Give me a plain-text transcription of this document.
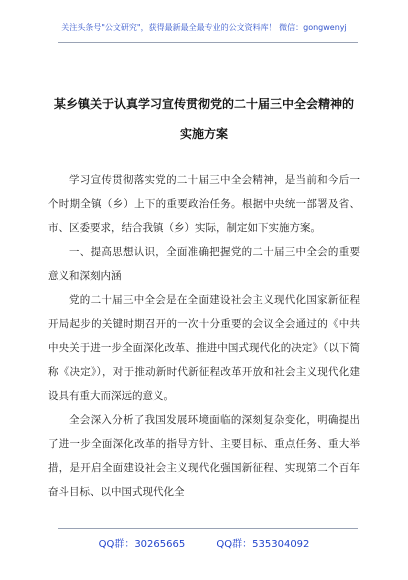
关注头条号"公文研究"，获得最新最全最专业的公文资料库！ 微信：gongwenyj
某乡镇关于认真学习宣传贯彻党的二十届三中全会精神的
实施方案

学习宣传贯彻落实党的二十届三中全会精神，是当前和今后一个时期全镇（乡）上下的重要政治任务。根据中央统一部署及省、市、区委要求，结合我镇（乡）实际，制定如下实施方案。

一、提高思想认识，全面准确把握党的二十届三中全会的重要意义和深刻内涵

党的二十届三中全会是在全面建设社会主义现代化国家新征程开局起步的关键时期召开的一次十分重要的会议全会通过的《中共中央关于进一步全面深化改革、推进中国式现代化的决定》（以下简称《决定》），对于推动新时代新征程改革开放和社会主义现代化建设具有重大而深远的意义。

全会深入分析了我国发展环境面临的深刻复杂变化，明确提出了进一步全面深化改革的指导方针、主要目标、重点任务、重大举措，是开启全面建设社会主义现代化强国新征程、实现第二个百年奋斗目标、以中国式现代化全

QQ群：30265665	QQ群：535304092
